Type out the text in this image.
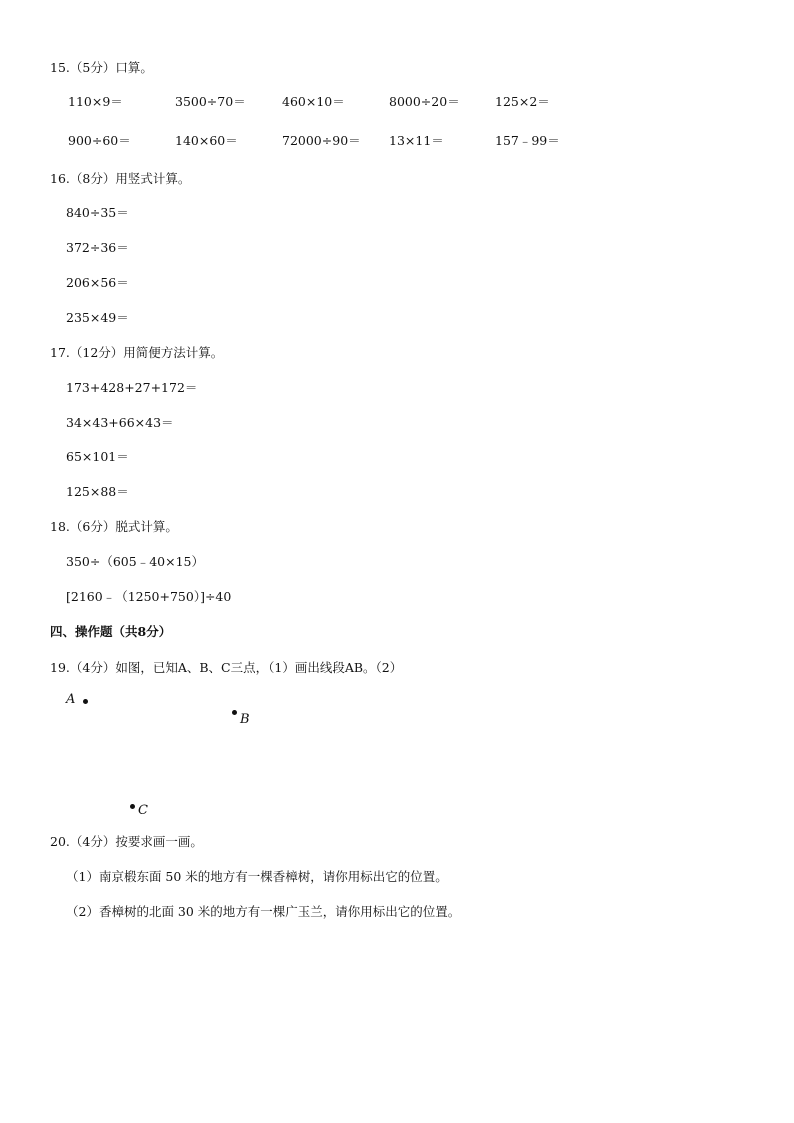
15.（5分）口算。
110×9＝	3500÷70＝	460×10＝	8000÷20＝	125×2＝
900÷60＝	140×60＝	72000÷90＝ 13×11＝	157﹣99＝
16.（8分）用竖式计算。
840÷35＝
372÷36＝
206×56＝
235×49＝
17.（12分）用简便方法计算。
173+428+27+172＝
34×43+66×43＝
65×101＝
125×88＝
18.（6分）脱式计算。
350÷（605﹣40×15）
[2160﹣（1250+750）]÷40
四、操作题（共8分）
19.（4分）如图，已知A、B、C三点，（1）画出线段AB。（2）
A
B
C
20.（4分）按要求画一画。
（1）南京椴东面 50 米的地方有一棵香樟树，请你用标出它的位置。
（2）香樟树的北面 30 米的地方有一棵广玉兰，请你用标出它的位置。
